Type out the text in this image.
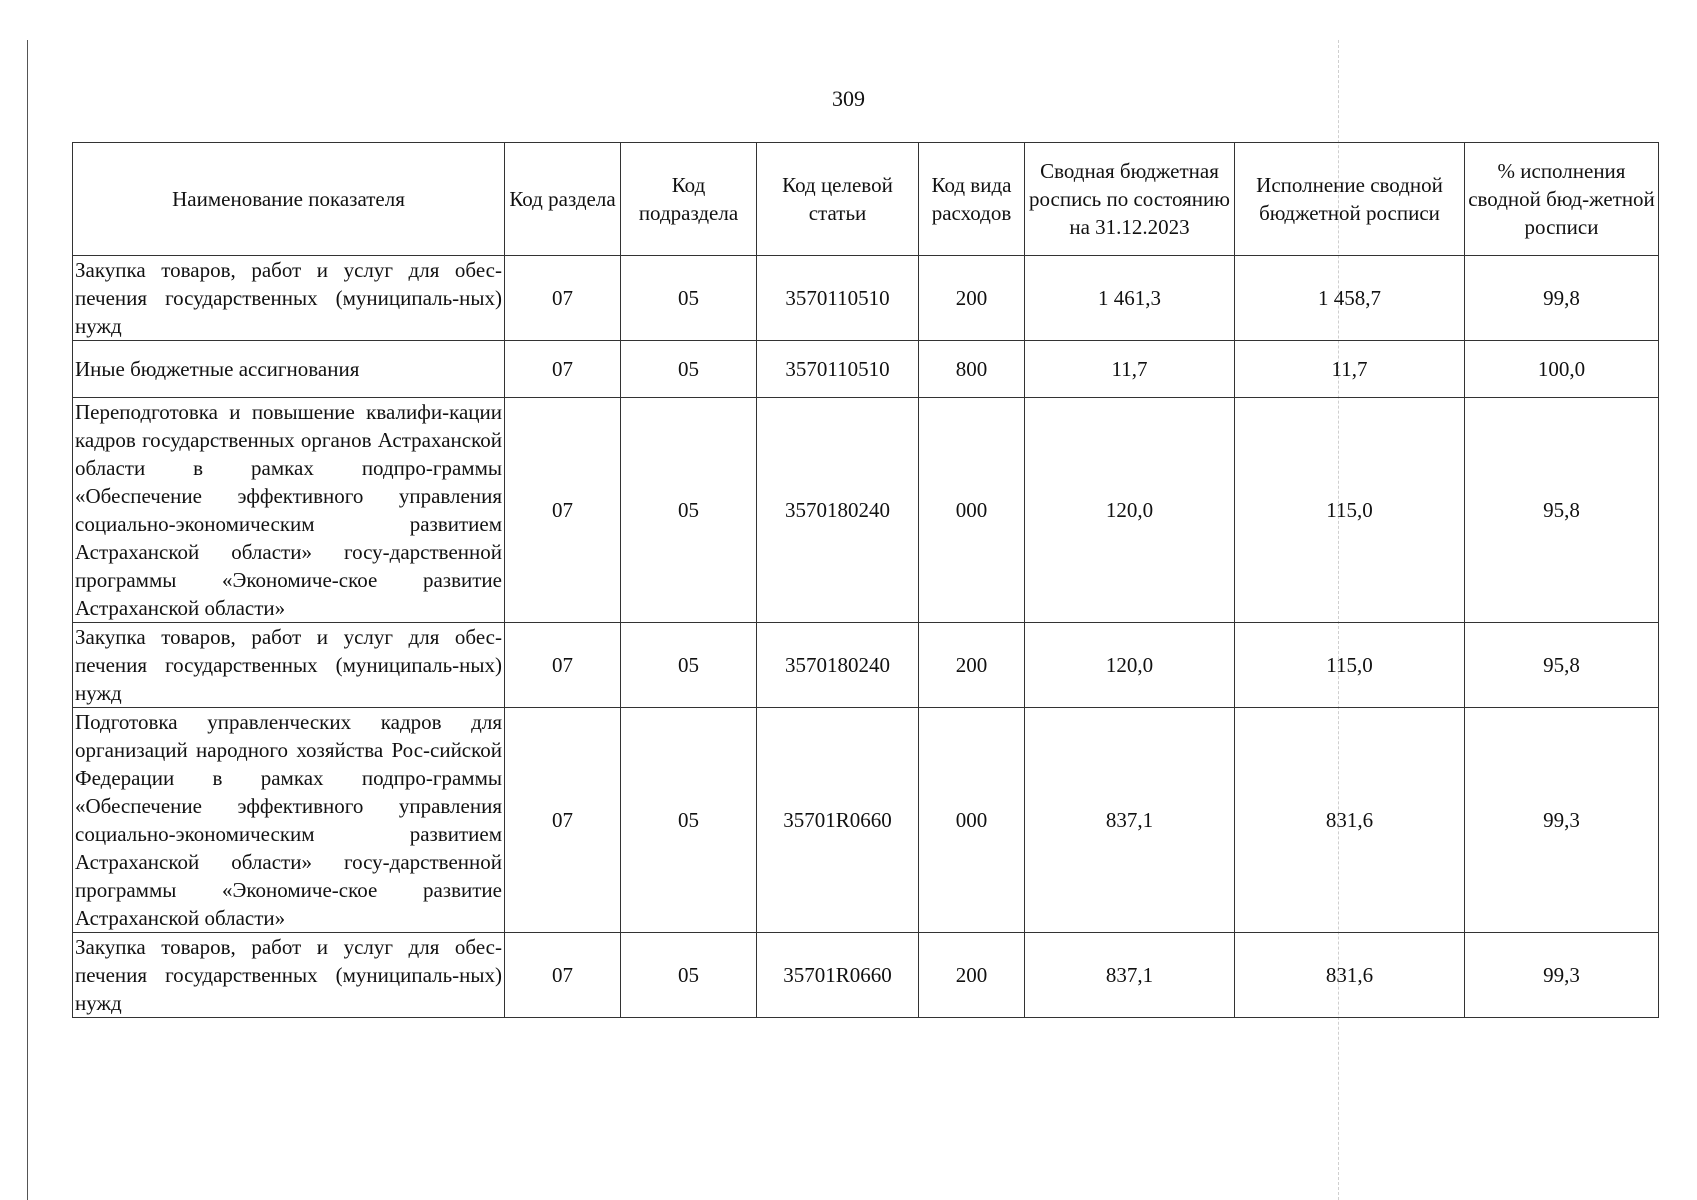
309
Наименование показателя	Код раздела	Код подраздела	Код целевой статьи	Код вида расходов	Сводная бюджетная роспись по состоянию на 31.12.2023	Исполнение сводной бюджетной росписи	% исполнения сводной бюд-жетной росписи
Закупка товаров, работ и услуг для обес-печения государственных (муниципаль-ных) нужд	07	05	3570110510	200	1 461,3	1 458,7	99,8
Иные бюджетные ассигнования	07	05	3570110510	800	11,7	11,7	100,0
Переподготовка и повышение квалифи-кации кадров государственных органов Астраханской области в рамках подпро-граммы «Обеспечение эффективного управления социально-экономическим развитием Астраханской области» госу-дарственной программы «Экономиче-ское развитие Астраханской области»	07	05	3570180240	000	120,0	115,0	95,8
Закупка товаров, работ и услуг для обес-печения государственных (муниципаль-ных) нужд	07	05	3570180240	200	120,0	115,0	95,8
Подготовка управленческих кадров для организаций народного хозяйства Рос-сийской Федерации в рамках подпро-граммы «Обеспечение эффективного управления социально-экономическим развитием Астраханской области» госу-дарственной программы «Экономиче-ское развитие Астраханской области»	07	05	35701R0660	000	837,1	831,6	99,3
Закупка товаров, работ и услуг для обес-печения государственных (муниципаль-ных) нужд	07	05	35701R0660	200	837,1	831,6	99,3
